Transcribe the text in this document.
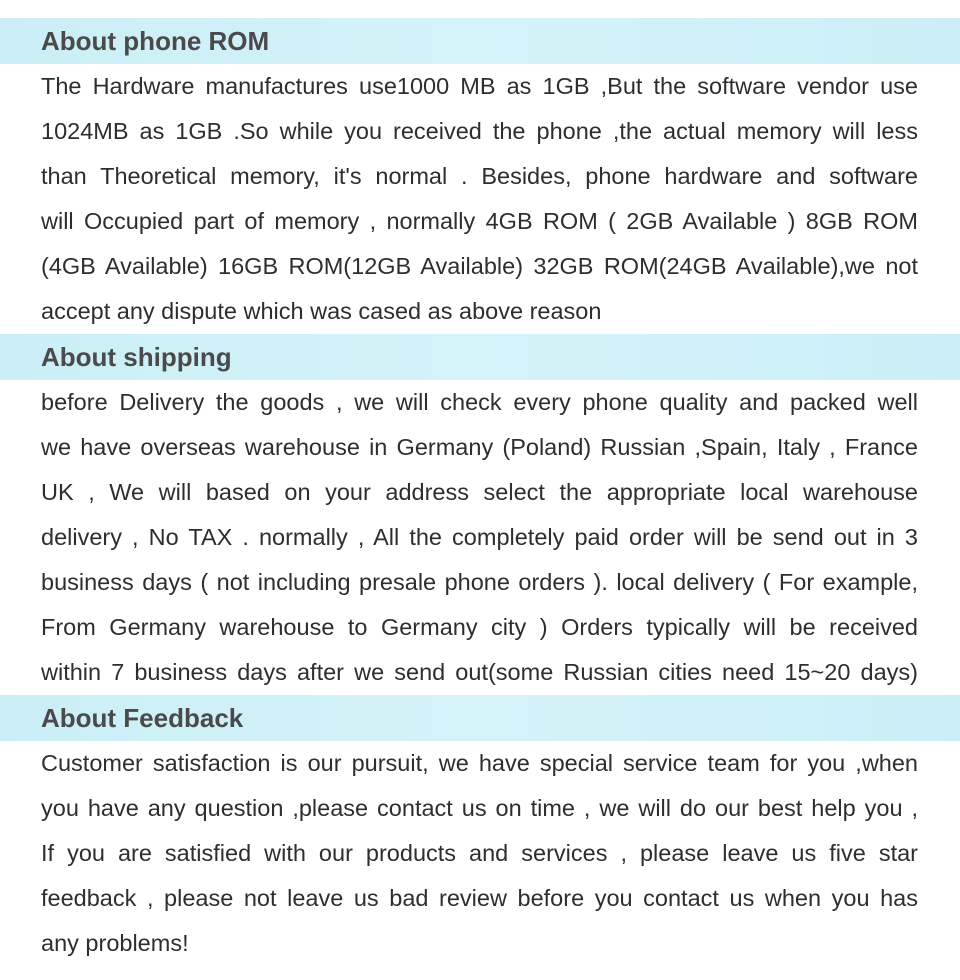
About phone ROM
The Hardware manufactures use1000 MB as 1GB ,But the software vendor use
1024MB as 1GB .So while you received the phone ,the actual memory will less
than Theoretical memory, it's normal . Besides, phone hardware and software
will Occupied part of memory , normally 4GB ROM ( 2GB Available ) 8GB ROM
(4GB Available) 16GB ROM(12GB Available) 32GB ROM(24GB Available),we not
accept any dispute which was cased as above reason
About shipping
before Delivery the goods , we will check every phone quality and packed well
we have overseas warehouse in Germany (Poland) Russian ,Spain, Italy , France
UK , We will based on your address select the appropriate local warehouse
delivery , No TAX . normally , All the completely paid order will be send out in 3
business days ( not including presale phone orders ). local delivery ( For example,
From Germany warehouse to Germany city ) Orders typically will be received
within 7 business days after we send out(some Russian cities need 15~20 days)
About Feedback
Customer satisfaction is our pursuit, we have special service team for you ,when
you have any question ,please contact us on time , we will do our best help you ,
If you are satisfied with our products and services , please leave us five star
feedback , please not leave us bad review before you contact us when you has
any problems!
